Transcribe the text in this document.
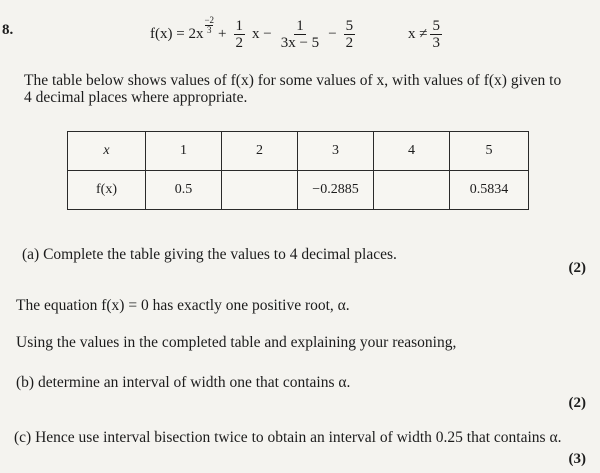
8.	f(x) = 2x
−2
$3 + \frac{1}{2}$ $x - \frac{1}{3x - 5} - \frac{5}{2}$	$x \ne \frac{5}{3}$
The table below shows values of f(x) for some values of x, with values of f(x) given to
4 decimal places where appropriate.
x	1	2	3	4	5
f(x)	0.5		−0.2885		0.5834
(a) Complete the table giving the values to 4 decimal places.
(2)
The equation f(x) = 0 has exactly one positive root, α.
Using the values in the completed table and explaining your reasoning,
(b) determine an interval of width one that contains α.
(2)
(c) Hence use interval bisection twice to obtain an interval of width 0.25 that contains α.
(3)
